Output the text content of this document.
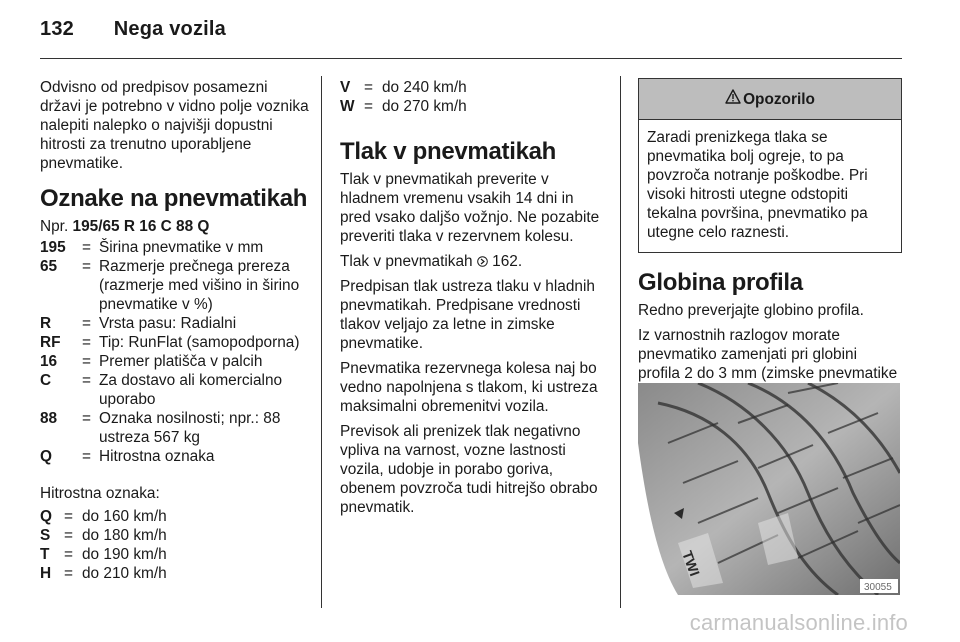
132 Nega vozila

Odvisno od predpisov posamezni državi je potrebno v vidno polje voznika nalepiti nalepko o najvišji dopustni hitrosti za trenutno uporabljene pnevmatike.

Oznake na pnevmatikah

Npr. 195/65 R 16 C 88 Q

195	= Širina pnevmatike v mm
65	= Razmerje prečnega prereza (razmerje med višino in širino pnevmatike v %)
R	= Vrsta pasu: Radialni
RF	= Tip: RunFlat (samopodporna)
16	= Premer platišča v palcih
C	= Za dostavo ali komercialno uporabo
88	= Oznaka nosilnosti; npr.: 88 ustreza 567 kg
Q	= Hitrostna oznaka

Hitrostna oznaka:

Q = do 160 km/h
S = do 180 km/h
T = do 190 km/h
H = do 210 km/h
V = do 240 km/h
W = do 270 km/h
Tlak v pnevmatikah

Tlak v pnevmatikah preverite v hladnem vremenu vsakih 14 dni in pred vsako daljšo vožnjo. Ne pozabite preveriti tlaka v rezervnem kolesu.

Tlak v pnevmatikah  162.

Predpisan tlak ustreza tlaku v hladnih pnevmatikah. Predpisane vrednosti tlakov veljajo za letne in zimske pnevmatike.

Pnevmatika rezervnega kolesa naj bo vedno napolnjena s tlakom, ki ustreza maksimalni obremenitvi vozila.

Previsok ali prenizek tlak negativno vpliva na varnost, vozne lastnosti vozila, udobje in porabo goriva, obenem povzroča tudi hitrejšo obrabo pnevmatik.

Opozorilo
Zaradi prenizkega tlaka se pnevmatika bolj ogreje, to pa povzroča notranje poškodbe. Pri visoki hitrosti utegne odstopiti tekalna površina, pnevmatiko pa utegne celo raznesti.
Globina profila

Redno preverjajte globino profila.

Iz varnostnih razlogov morate pnevmatiko zamenjati pri globini profila 2 do 3 mm (zimske pnevmatike

TWI
30055
carmanualsonline.info
